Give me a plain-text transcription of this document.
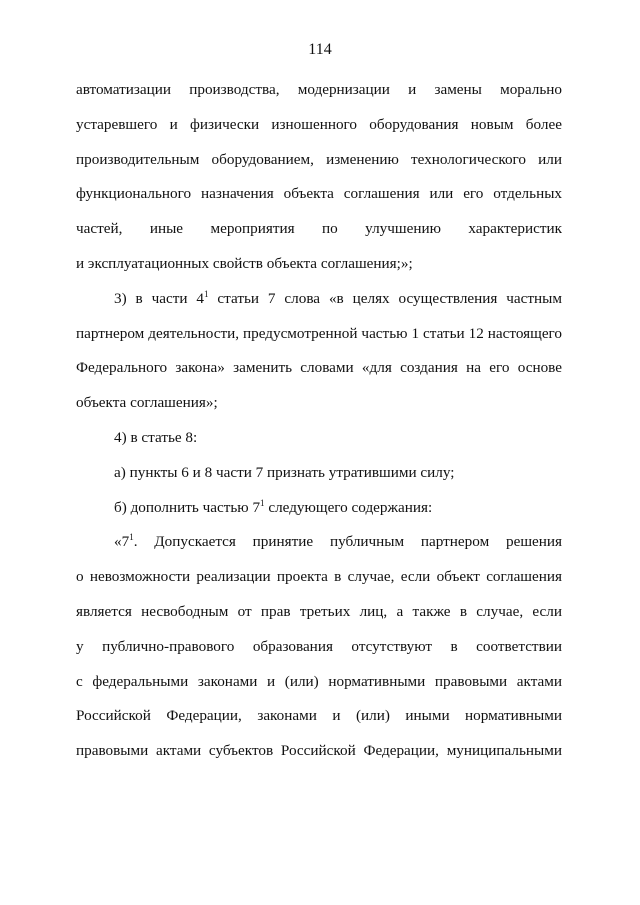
114
автоматизации производства, модернизации и замены морально
устаревшего и физически изношенного оборудования новым более
производительным оборудованием, изменению технологического или
функционального назначения объекта соглашения или его отдельных
частей, иные мероприятия по улучшению характеристик
и эксплуатационных свойств объекта соглашения;»;
3) в части $4^1$ статьи 7 слова «в целях осуществления частным
партнером деятельности, предусмотренной частью 1 статьи 12 настоящего
Федерального закона» заменить словами «для создания на его основе
объекта соглашения»;
4) в статье 8:
а) пункты 6 и 8 части 7 признать утратившими силу;
б) дополнить частью $7^1$ следующего содержания:
«$7^1$. Допускается принятие публичным партнером решения
о невозможности реализации проекта в случае, если объект соглашения
является несвободным от прав третьих лиц, а также в случае, если
у публично-правового образования отсутствуют в соответствии
с федеральными законами и (или) нормативными правовыми актами
Российской Федерации, законами и (или) иными нормативными
правовыми актами субъектов Российской Федерации, муниципальными
